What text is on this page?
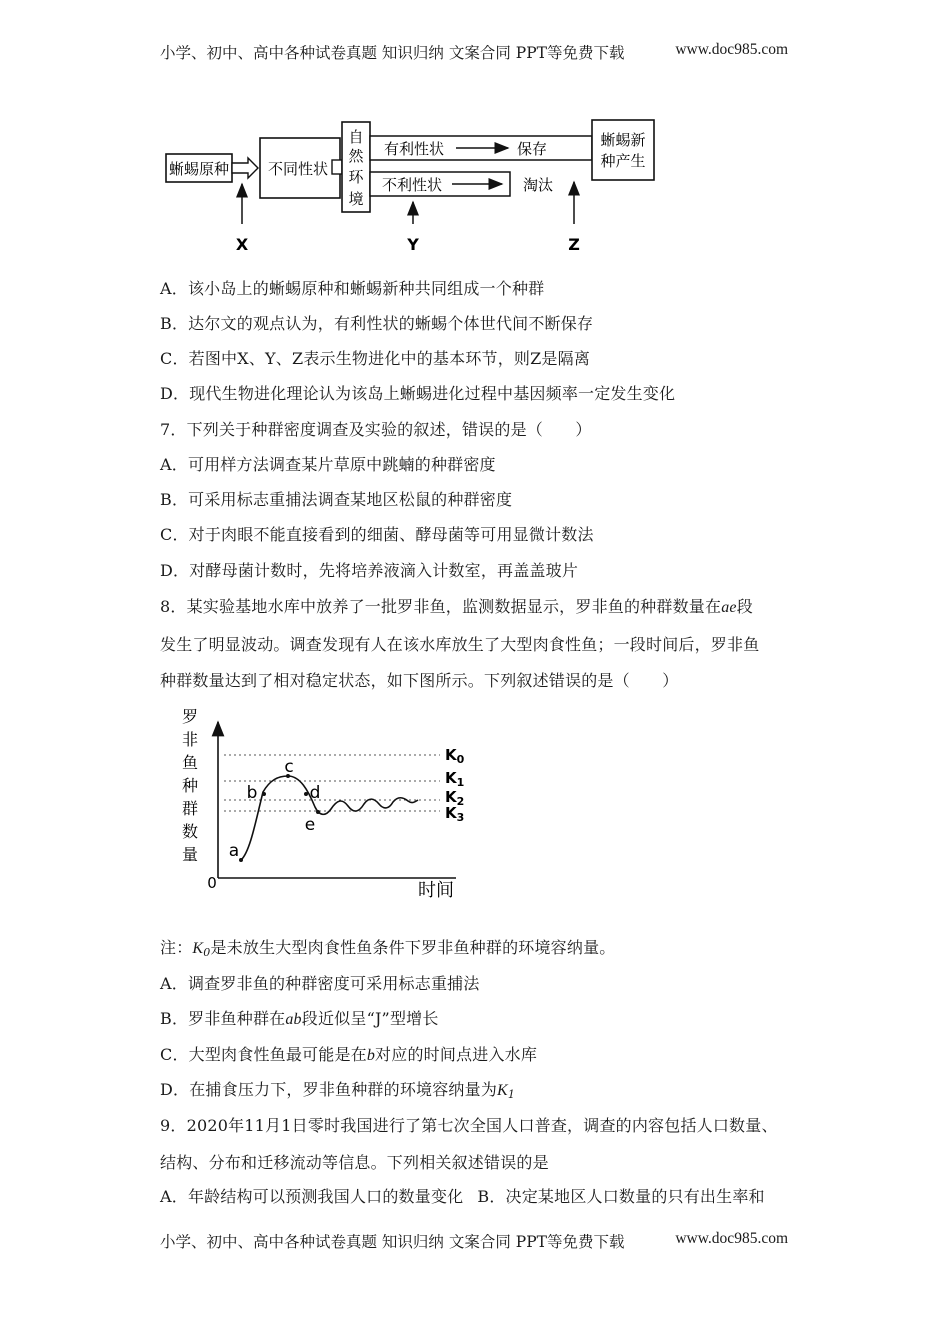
小学、初中、高中各种试卷真题 知识归纳 文案合同 PPT等免费下载	www.doc985.com
蜥蜴原种	不同性状
自
然
环
境
有利性状	保存
不利性状	淘汰
蜥蜴新
种产生
X	Y	Z
A．该小岛上的蜥蜴原种和蜥蜴新种共同组成一个种群
B．达尔文的观点认为，有利性状的蜥蜴个体世代间不断保存
C．若图中X、Y、Z表示生物进化中的基本环节，则Z是隔离
D．现代生物进化理论认为该岛上蜥蜴进化过程中基因频率一定发生变化
7．下列关于种群密度调查及实验的叙述，错误的是（　　）
A．可用样方法调查某片草原中跳蝻的种群密度
B．可采用标志重捕法调查某地区松鼠的种群密度
C．对于肉眼不能直接看到的细菌、酵母菌等可用显微计数法
D．对酵母菌计数时，先将培养液滴入计数室，再盖盖玻片
8．某实验基地水库中放养了一批罗非鱼，监测数据显示，罗非鱼的种群数量在ae段
发生了明显波动。调查发现有人在该水库放生了大型肉食性鱼；一段时间后，罗非鱼
种群数量达到了相对稳定状态，如下图所示。下列叙述错误的是（　　）
罗
非
鱼
种
群
数
量
0	时间
$K_0$
$K_1$
$K_2$
$K_3$
a
b
c
d
e
注：$K_0$是未放生大型肉食性鱼条件下罗非鱼种群的环境容纳量。
A．调查罗非鱼的种群密度可采用标志重捕法
B．罗非鱼种群在ab段近似呈“J”型增长
C．大型肉食性鱼最可能是在b对应的时间点进入水库
D．在捕食压力下，罗非鱼种群的环境容纳量为$K_1$
9．2020年11月1日零时我国进行了第七次全国人口普查，调查的内容包括人口数量、
结构、分布和迁移流动等信息。下列相关叙述错误的是
A．年龄结构可以预测我国人口的数量变化 B．决定某地区人口数量的只有出生率和
小学、初中、高中各种试卷真题 知识归纳 文案合同 PPT等免费下载	www.doc985.com
